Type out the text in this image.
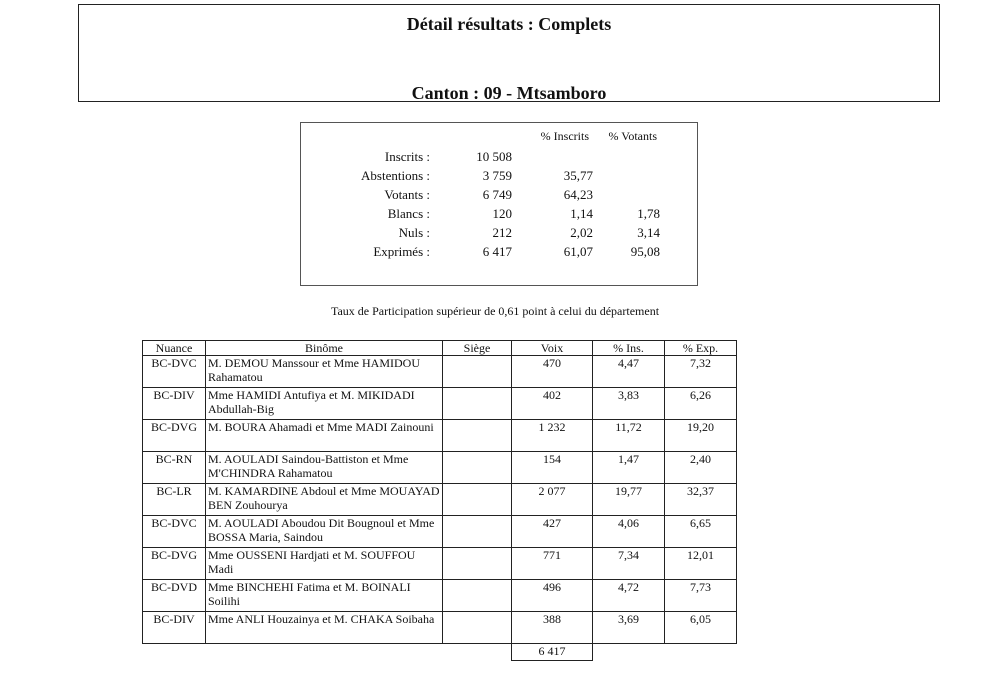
Détail résultats : Complets
Canton : 09 - Mtsamboro
% Inscrits % Votants
Inscrits :	10 508
Abstentions :	3 759	35,77
Votants :	6 749	64,23
Blancs :	120	1,14	1,78
Nuls :	212	2,02	3,14
Exprimés :	6 417	61,07	95,08
Taux de Participation supérieur de 0,61 point à celui du département
Nuance	Binôme	Siège	Voix	% Ins.	% Exp.
BC-DVC	M. DEMOU Manssour et Mme HAMIDOU Rahamatou		470	4,47	7,32
BC-DIV	Mme HAMIDI Antufiya et M. MIKIDADI Abdullah-Big		402	3,83	6,26
BC-DVG	M. BOURA Ahamadi et Mme MADI Zainouni		1 232	11,72	19,20
BC-RN	M. AOULADI Saindou-Battiston et Mme M'CHINDRA Rahamatou		154	1,47	2,40
BC-LR	M. KAMARDINE Abdoul et Mme MOUAYAD BEN Zouhourya		2 077	19,77	32,37
BC-DVC	M. AOULADI Aboudou Dit Bougnoul et Mme BOSSA Maria, Saindou		427	4,06	6,65
BC-DVG	Mme OUSSENI Hardjati et M. SOUFFOU Madi		771	7,34	12,01
BC-DVD	Mme BINCHEHI Fatima et M. BOINALI Soilihi		496	4,72	7,73
BC-DIV	Mme ANLI Houzainya et M. CHAKA Soibaha		388	3,69	6,05
			6 417		
